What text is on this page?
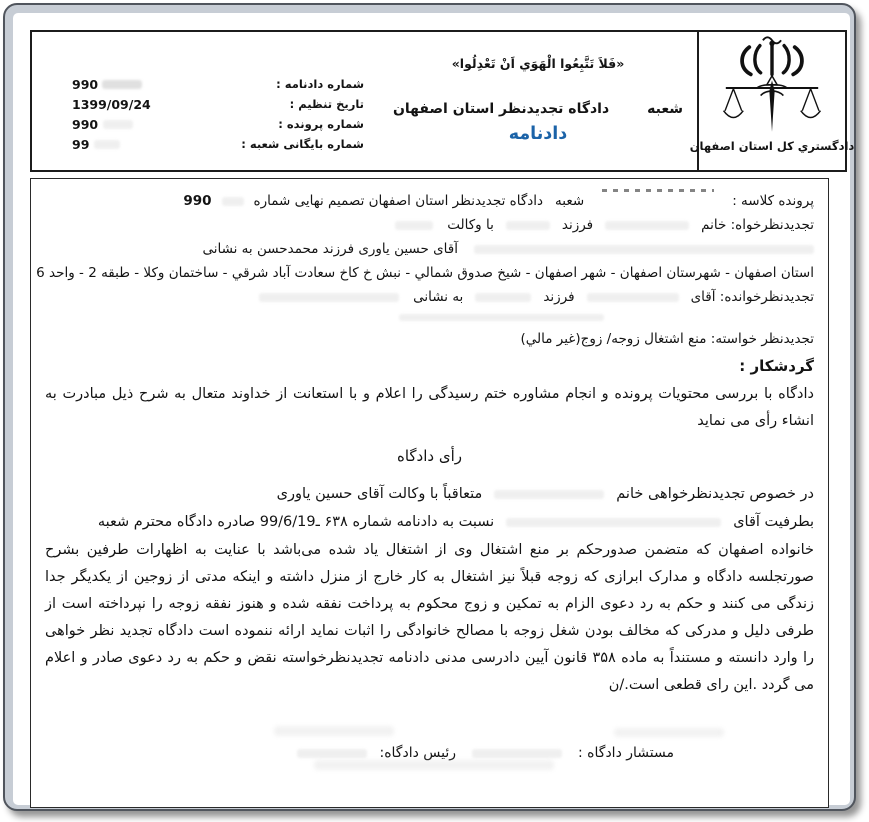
شماره دادنامه :
990
تاریخ تنظیم :
1399/09/24
شماره پرونده :
990
شماره بایگانی شعبه :
99
«فَلاَ تَتَّبِعُوا الْهَوَي اَنْ تَعْدِلُوا»
شعبه
دادگاه تجدیدنظر استان اصفهان
دادنامه
دادگستري کل استان اصفهان
پرونده کلاسه :
شعبه
دادگاه تجدیدنظر استان اصفهان تصمیم نهایی شماره
990
تجدیدنظرخواه: خانم
فرزند
با وکالت
آقای حسین یاوری فرزند محمدحسن به نشانی
استان اصفهان - شهرستان اصفهان - شهر اصفهان - شیخ صدوق شمالي - نبش خ کاخ سعادت آباد شرقي - ساختمان وکلا - طبقه 2 - واحد 6
تجدیدنظرخوانده: آقای
فرزند
به نشانی
تجدیدنظر خواسته: منع اشتغال زوجه/ زوج(غیر مالي)
گردشکار :
دادگاه با بررسی محتویات پرونده و انجام مشاوره ختم رسیدگی را اعلام و با استعانت از خداوند متعال به شرح ذیل مبادرت به انشاء رأی می نماید
رأی دادگاه
در خصوص تجدیدنظرخواهی خانم
متعاقباً با وکالت آقای حسین یاوری
بطرفیت آقای
نسبت به دادنامه شماره ۶۳۸ ـ99/6/19 صادره دادگاه محترم شعبه
خانواده اصفهان که متضمن صدورحکم بر منع اشتغال وی از اشتغال یاد شده می‌باشد با عنایت به اظهارات طرفین بشرح صورتجلسه دادگاه و مدارک ابرازی که زوجه قبلاً نیز اشتغال به کار خارج از منزل داشته و اینکه مدتی از زوجین از یکدیگر جدا زندگی می کنند و حکم به رد دعوی الزام به تمکین و زوج محکوم به پرداخت نفقه شده و هنوز نفقه زوجه را نپرداخته است از طرفی دلیل و مدرکی که مخالف بودن شغل زوجه با مصالح خانوادگی را اثبات نماید ارائه ننموده است دادگاه تجدید نظر خواهی را وارد دانسته و مستنداً به ماده ۳۵۸ قانون آیین دادرسی مدنی دادنامه تجدیدنظرخواسته نقض و حکم به رد دعوی صادر و اعلام می گردد .این رای قطعی است./ن
مستشار دادگاه :
رئیس دادگاه:
